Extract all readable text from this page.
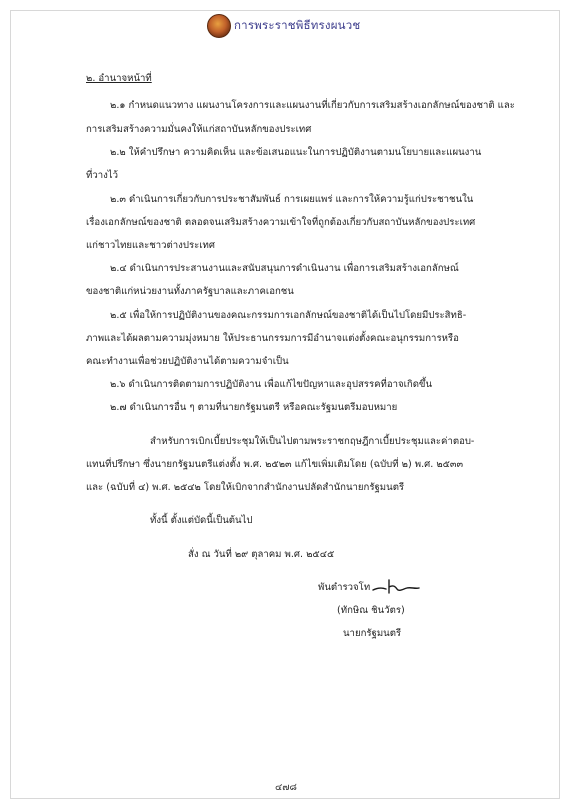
การพระราชพิธีทรงผนวช
๒. อำนาจหน้าที่
๒.๑ กำหนดแนวทาง แผนงานโครงการและแผนงานที่เกี่ยวกับการเสริมสร้างเอกลักษณ์ของชาติ และ
การเสริมสร้างความมั่นคงให้แก่สถาบันหลักของประเทศ
๒.๒ ให้คำปรึกษา ความคิดเห็น และข้อเสนอแนะในการปฏิบัติงานตามนโยบายและแผนงาน
ที่วางไว้
๒.๓ ดำเนินการเกี่ยวกับการประชาสัมพันธ์ การเผยแพร่ และการให้ความรู้แก่ประชาชนใน
เรื่องเอกลักษณ์ของชาติ ตลอดจนเสริมสร้างความเข้าใจที่ถูกต้องเกี่ยวกับสถาบันหลักของประเทศ
แก่ชาวไทยและชาวต่างประเทศ
๒.๔ ดำเนินการประสานงานและสนับสนุนการดำเนินงาน เพื่อการเสริมสร้างเอกลักษณ์
ของชาติแก่หน่วยงานทั้งภาครัฐบาลและภาคเอกชน
๒.๕ เพื่อให้การปฏิบัติงานของคณะกรรมการเอกลักษณ์ของชาติได้เป็นไปโดยมีประสิทธิ-
ภาพและได้ผลตามความมุ่งหมาย ให้ประธานกรรมการมีอำนาจแต่งตั้งคณะอนุกรรมการหรือ
คณะทำงานเพื่อช่วยปฏิบัติงานได้ตามความจำเป็น
๒.๖ ดำเนินการติดตามการปฏิบัติงาน เพื่อแก้ไขปัญหาและอุปสรรคที่อาจเกิดขึ้น
๒.๗ ดำเนินการอื่น ๆ ตามที่นายกรัฐมนตรี หรือคณะรัฐมนตรีมอบหมาย
สำหรับการเบิกเบี้ยประชุมให้เป็นไปตามพระราชกฤษฎีกาเบี้ยประชุมและค่าตอบ-
แทนที่ปรึกษา ซึ่งนายกรัฐมนตรีแต่งตั้ง พ.ศ. ๒๕๒๓ แก้ไขเพิ่มเติมโดย (ฉบับที่ ๒) พ.ศ. ๒๕๓๓
และ (ฉบับที่ ๔) พ.ศ. ๒๕๔๒ โดยให้เบิกจากสำนักงานปลัดสำนักนายกรัฐมนตรี
ทั้งนี้ ตั้งแต่บัดนี้เป็นต้นไป
สั่ง ณ วันที่ ๒๙ ตุลาคม พ.ศ. ๒๕๔๕
พันตำรวจโท
(ทักษิณ ชินวัตร)
นายกรัฐมนตรี
๔๗๘
